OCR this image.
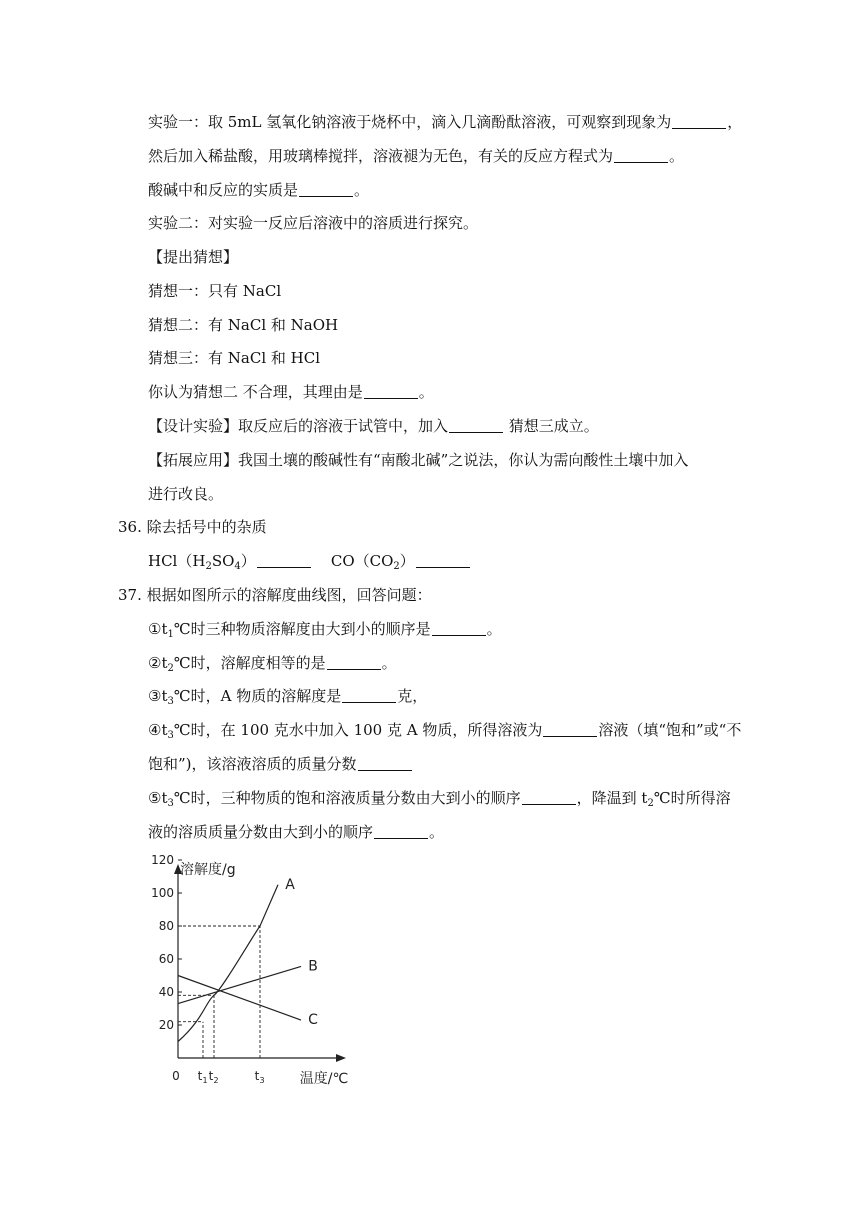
实验一：取 5mL 氢氧化钠溶液于烧杯中，滴入几滴酚酞溶液，可观察到现象为	，
然后加入稀盐酸，用玻璃棒搅拌，溶液褪为无色，有关的反应方程式为	。
酸碱中和反应的实质是	。
实验二：对实验一反应后溶液中的溶质进行探究。
【提出猜想】
猜想一：只有 NaCl
猜想二：有 NaCl 和 NaOH
猜想三：有 NaCl 和 HCl
你认为猜想二 不合理，其理由是	。
【设计实验】取反应后的溶液于试管中，加入	猜想三成立。
【拓展应用】我国土壤的酸碱性有“南酸北碱”之说法，你认为需向酸性土壤中加入
进行改良。
36. 除去括号中的杂质
$HCl(H_2SO_4)$	$CO(CO_2)$
37. 根据如图所示的溶解度曲线图，回答问题：
$①t_1℃$时三种物质溶解度由大到小的顺序是	。
$②t_2℃$时，溶解度相等的是	。
$③t_3℃$时，A 物质的溶解度是	克，
$④t_3℃$时，在 100 克水中加入 100 克 A 物质，所得溶液为	溶液（填“饱和”或“不
饱和”)，该溶液溶质的质量分数
$⑤t_3℃$时，三种物质的饱和溶液质量分数由大到小的顺序	，降温到 $t_2℃$时所得溶
液的溶质质量分数由大到小的顺序	。
20
40
60
80
100
120
溶解度/g
温度/℃
0 t 1 t 2	t 3
A
B
C
